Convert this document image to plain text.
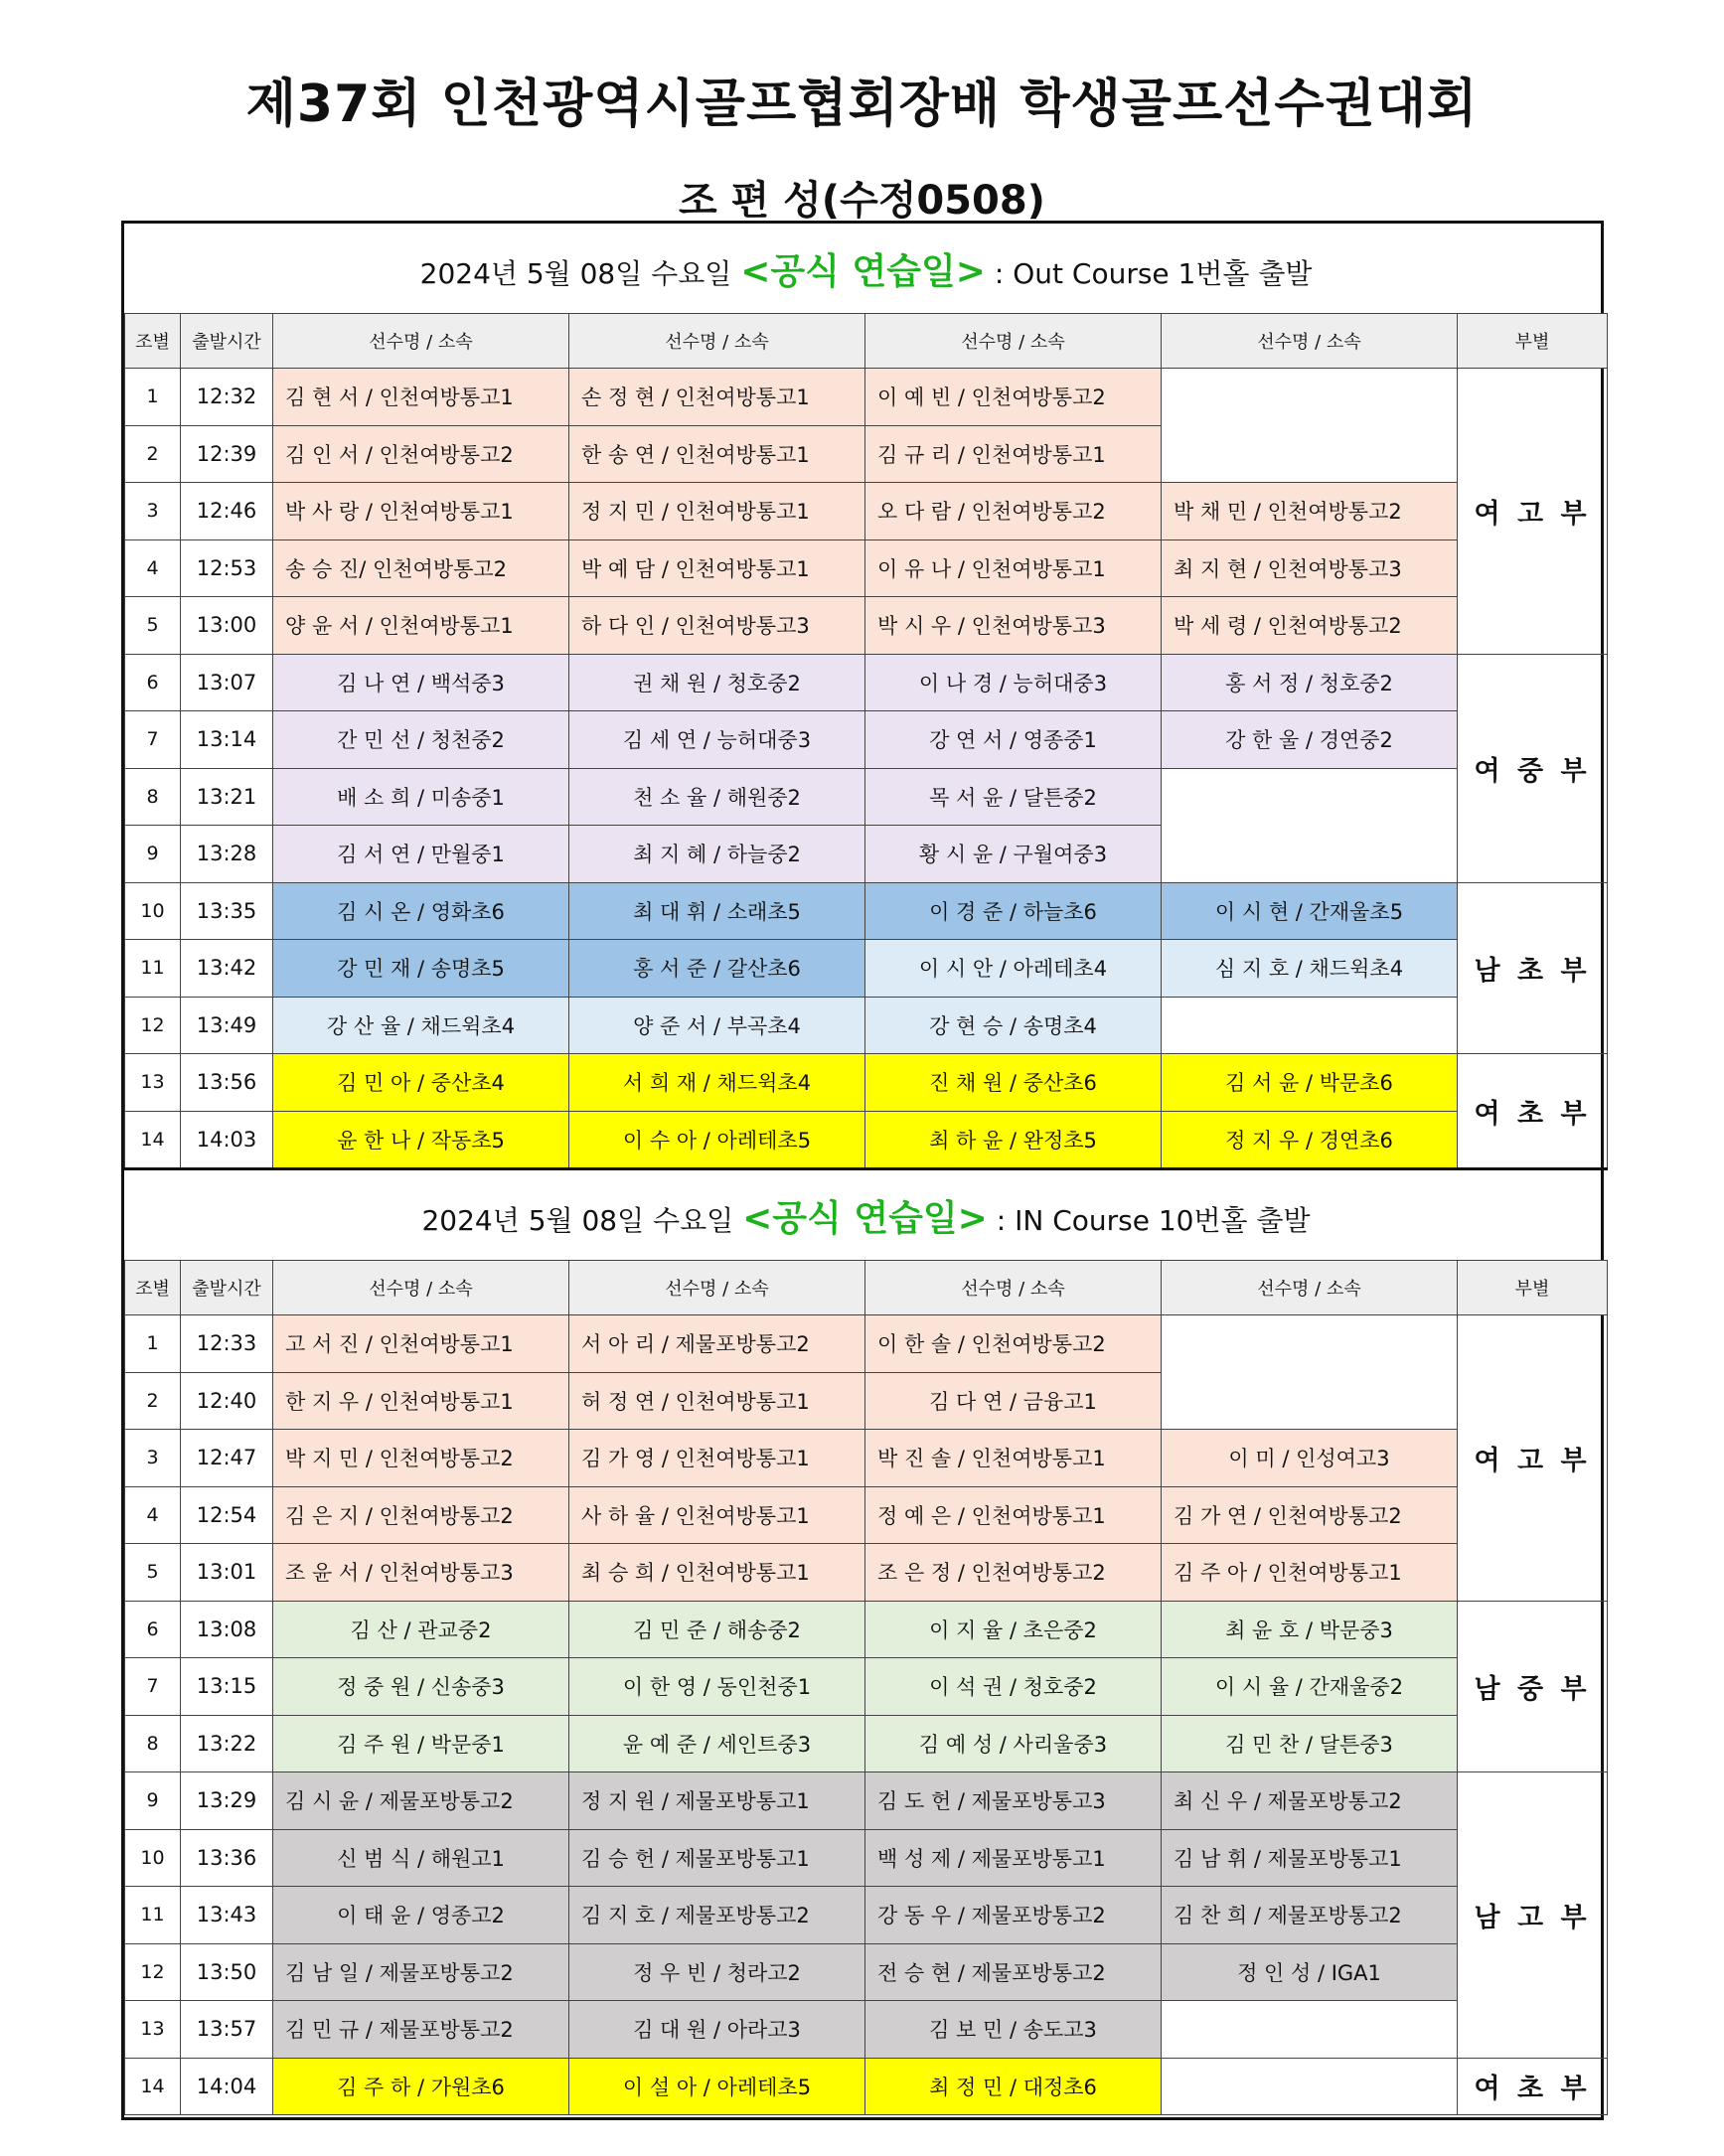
제37회 인천광역시골프협회장배 학생골프선수권대회
조 편 성(수정0508)
2024년 5월 08일 수요일 <공식 연습일> : Out Course 1번홀 출발						
조별	출발시간	선수명 / 소속	선수명 / 소속	선수명 / 소속	선수명 / 소속	부별
1	12:32	김 현 서 / 인천여방통고1	손 정 현 / 인천여방통고1	이 예 빈 / 인천여방통고2		여 고 부
2	12:39	김 인 서 / 인천여방통고2	한 송 연 / 인천여방통고1	김 규 리 / 인천여방통고1		
3	12:46	박 사 랑 / 인천여방통고1	정 지 민 / 인천여방통고1	오 다 람 / 인천여방통고2	박 채 민 / 인천여방통고2	
4	12:53	송 승 진/ 인천여방통고2	박 예 담 / 인천여방통고1	이 유 나 / 인천여방통고1	최 지 현 / 인천여방통고3	
5	13:00	양 윤 서 / 인천여방통고1	하 다 인 / 인천여방통고3	박 시 우 / 인천여방통고3	박 세 령 / 인천여방통고2	
6	13:07	김 나 연 / 백석중3	권 채 원 / 청호중2	이 나 경 / 능허대중3	홍 서 정 / 청호중2	여 중 부
7	13:14	간 민 선 / 청천중2	김 세 연 / 능허대중3	강 연 서 / 영종중1	강 한 울 / 경연중2	
8	13:21	배 소 희 / 미송중1	천 소 율 / 해원중2	목 서 윤 / 달튼중2		
9	13:28	김 서 연 / 만월중1	최 지 혜 / 하늘중2	황 시 윤 / 구월여중3		
10	13:35	김 시 온 / 영화초6	최 대 휘 / 소래초5	이 경 준 / 하늘초6	이 시 현 / 간재울초5	남 초 부
11	13:42	강 민 재 / 송명초5	홍 서 준 / 갈산초6	이 시 안 / 아레테초4	심 지 호 / 채드윅초4	
12	13:49	강 산 율 / 채드윅초4	양 준 서 / 부곡초4	강 현 승 / 송명초4		
13	13:56	김 민 아 / 중산초4	서 희 재 / 채드윅초4	진 채 원 / 중산초6	김 서 윤 / 박문초6	여 초 부
14	14:03	윤 한 나 / 작동초5	이 수 아 / 아레테초5	최 하 윤 / 완정초5	정 지 우 / 경연초6	
2024년 5월 08일 수요일 <공식 연습일> : IN Course 10번홀 출발						
조별	출발시간	선수명 / 소속	선수명 / 소속	선수명 / 소속	선수명 / 소속	부별
1	12:33	고 서 진 / 인천여방통고1	서 아 리 / 제물포방통고2	이 한 솔 / 인천여방통고2		여 고 부
2	12:40	한 지 우 / 인천여방통고1	허 정 연 / 인천여방통고1	김 다 연 / 금융고1		
3	12:47	박 지 민 / 인천여방통고2	김 가 영 / 인천여방통고1	박 진 솔 / 인천여방통고1	이 미 / 인성여고3	
4	12:54	김 은 지 / 인천여방통고2	사 하 율 / 인천여방통고1	정 예 은 / 인천여방통고1	김 가 연 / 인천여방통고2	
5	13:01	조 윤 서 / 인천여방통고3	최 승 희 / 인천여방통고1	조 은 정 / 인천여방통고2	김 주 아 / 인천여방통고1	
6	13:08	김 산 / 관교중2	김 민 준 / 해송중2	이 지 율 / 초은중2	최 윤 호 / 박문중3	남 중 부
7	13:15	정 중 원 / 신송중3	이 한 영 / 동인천중1	이 석 권 / 청호중2	이 시 율 / 간재울중2	
8	13:22	김 주 원 / 박문중1	윤 예 준 / 세인트중3	김 예 성 / 사리울중3	김 민 찬 / 달튼중3	
9	13:29	김 시 윤 / 제물포방통고2	정 지 원 / 제물포방통고1	김 도 헌 / 제물포방통고3	최 신 우 / 제물포방통고2	남 고 부
10	13:36	신 범 식 / 해원고1	김 승 헌 / 제물포방통고1	백 성 제 / 제물포방통고1	김 남 휘 / 제물포방통고1	
11	13:43	이 태 윤 / 영종고2	김 지 호 / 제물포방통고2	강 동 우 / 제물포방통고2	김 찬 희 / 제물포방통고2	
12	13:50	김 남 일 / 제물포방통고2	정 우 빈 / 청라고2	전 승 현 / 제물포방통고2	정 인 성 / IGA1	
13	13:57	김 민 규 / 제물포방통고2	김 대 원 / 아라고3	김 보 민 / 송도고3		
14	14:04	김 주 하 / 가원초6	이 설 아 / 아레테초5	최 정 민 / 대정초6		여 초 부
